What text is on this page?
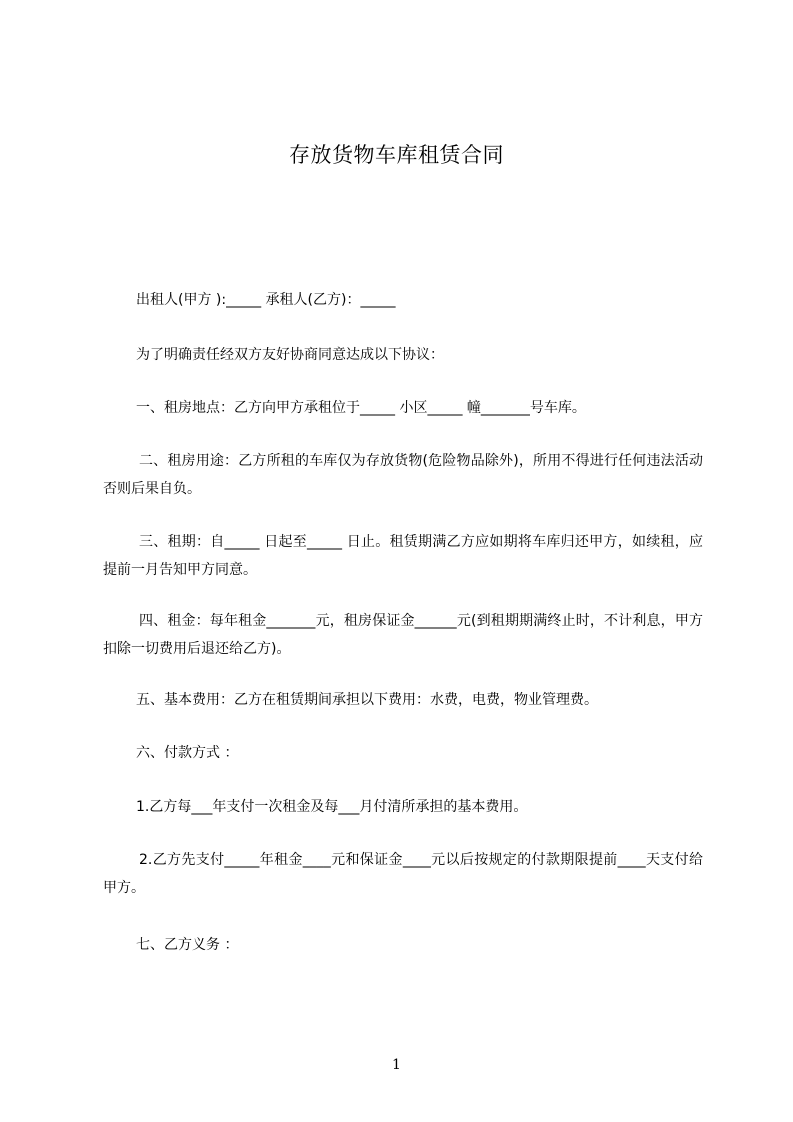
存放货物车库租赁合同
出租人(甲方 ):_____ 承租人(乙方)：_____
为了明确责任经双方友好协商同意达成以下协议：
一、租房地点：乙方向甲方承租位于_____ 小区_____ 幢_______号车库。
二、租房用途：乙方所租的车库仅为存放货物(危险物品除外)，所用不得进行任何违法活动否则后果自负。
三、租期：自_____ 日起至_____ 日止。租赁期满乙方应如期将车库归还甲方，如续租，应提前一月告知甲方同意。
四、租金：每年租金_______元，租房保证金______元(到租期期满终止时，不计利息，甲方扣除一切费用后退还给乙方)。
五、基本费用：乙方在租赁期间承担以下费用：水费，电费，物业管理费。
六、付款方式 ：
1.乙方每___年支付一次租金及每___月付清所承担的基本费用。
2.乙方先支付_____年租金____元和保证金____元以后按规定的付款期限提前____天支付给甲方。
七、乙方义务 ：
1
